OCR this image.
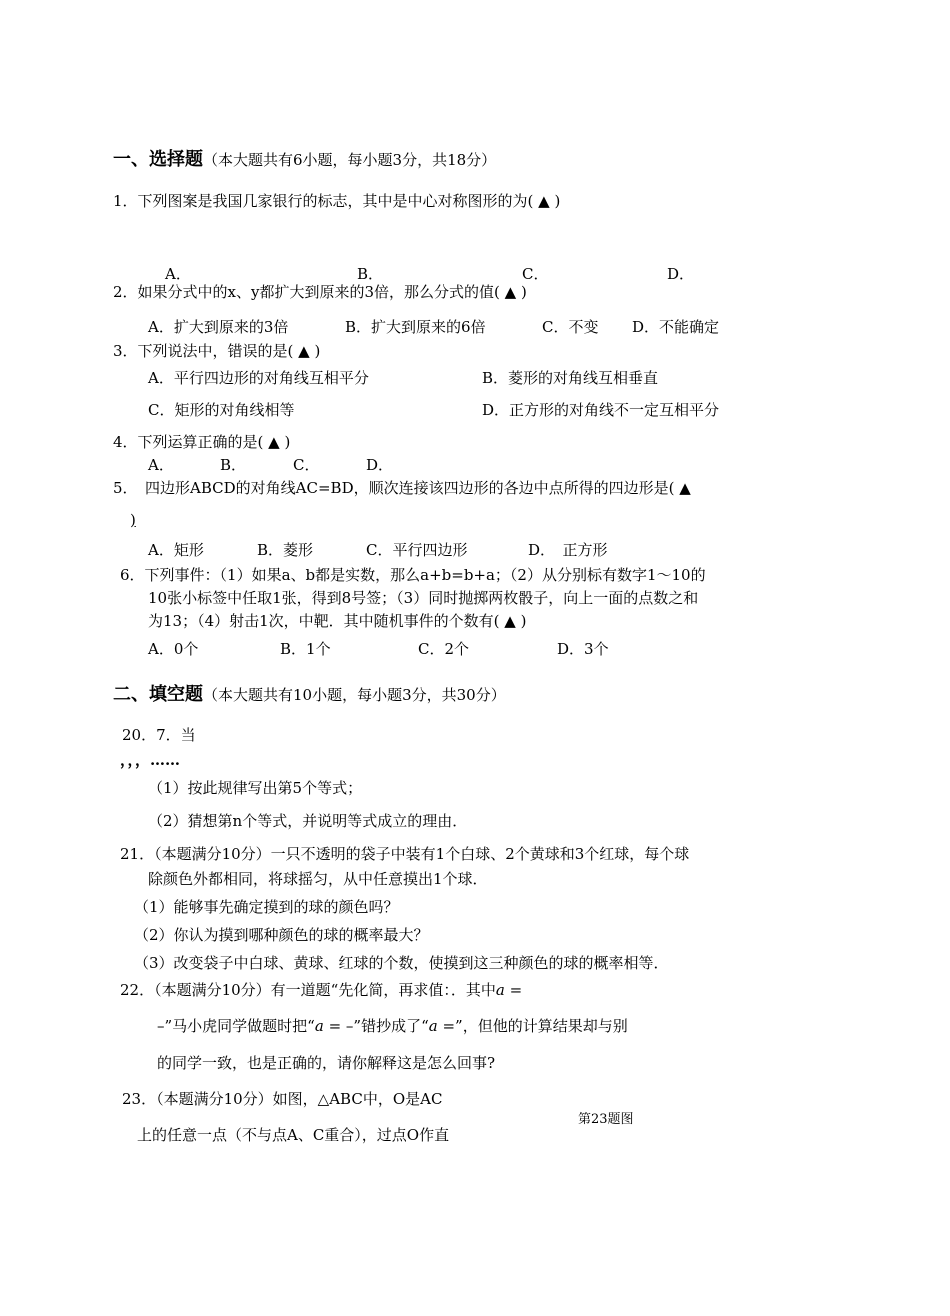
一、选择题（本大题共有6小题，每小题3分，共18分）
1．下列图案是我国几家银行的标志，其中是中心对称图形的为( ▲ )
A．	B．	C．	D．
2．如果分式中的x、y都扩大到原来的3倍，那么分式的值( ▲ )
A．扩大到原来的3倍	B．扩大到原来的6倍	C．不变 D．不能确定
3．下列说法中，错误的是( ▲ )
A．平行四边形的对角线互相平分	B．菱形的对角线互相垂直
C．矩形的对角线相等	D．正方形的对角线不一定互相平分
4．下列运算正确的是( ▲ )
A．	B．	C．	D．
5．　四边形ABCD的对角线AC=BD，顺次连接该四边形的各边中点所得的四边形是( ▲
)
A．矩形	B．菱形	C．平行四边形	D．　正方形
6．下列事件：（1）如果a、b都是实数，那么a+b=b+a；（2）从分别标有数字1～10的
10张小标签中任取1张，得到8号签；（3）同时抛掷两枚骰子，向上一面的点数之和
为13；（4）射击1次，中靶．其中随机事件的个数有( ▲ )
A．0个	B．1个	C．2个	D．3个
二、填空题（本大题共有10小题，每小题3分，共30分）
20．7．当
，，，……
（1）按此规律写出第5个等式；
（2）猜想第n个等式，并说明等式成立的理由．
21．（本题满分10分）一只不透明的袋子中装有1个白球、2个黄球和3个红球，每个球
除颜色外都相同，将球摇匀，从中任意摸出1个球．
（1）能够事先确定摸到的球的颜色吗？
（2）你认为摸到哪种颜色的球的概率最大？
（3）改变袋子中白球、黄球、红球的个数，使摸到这三种颜色的球的概率相等．
22．（本题满分10分）有一道题“先化简，再求值：．其中a =
–”马小虎同学做题时把“a = –”错抄成了“a =”，但他的计算结果却与别
的同学一致，也是正确的，请你解释这是怎么回事?
23．（本题满分10分）如图，△ABC中，O是AC
第23题图
上的任意一点（不与点A、C重合），过点O作直
